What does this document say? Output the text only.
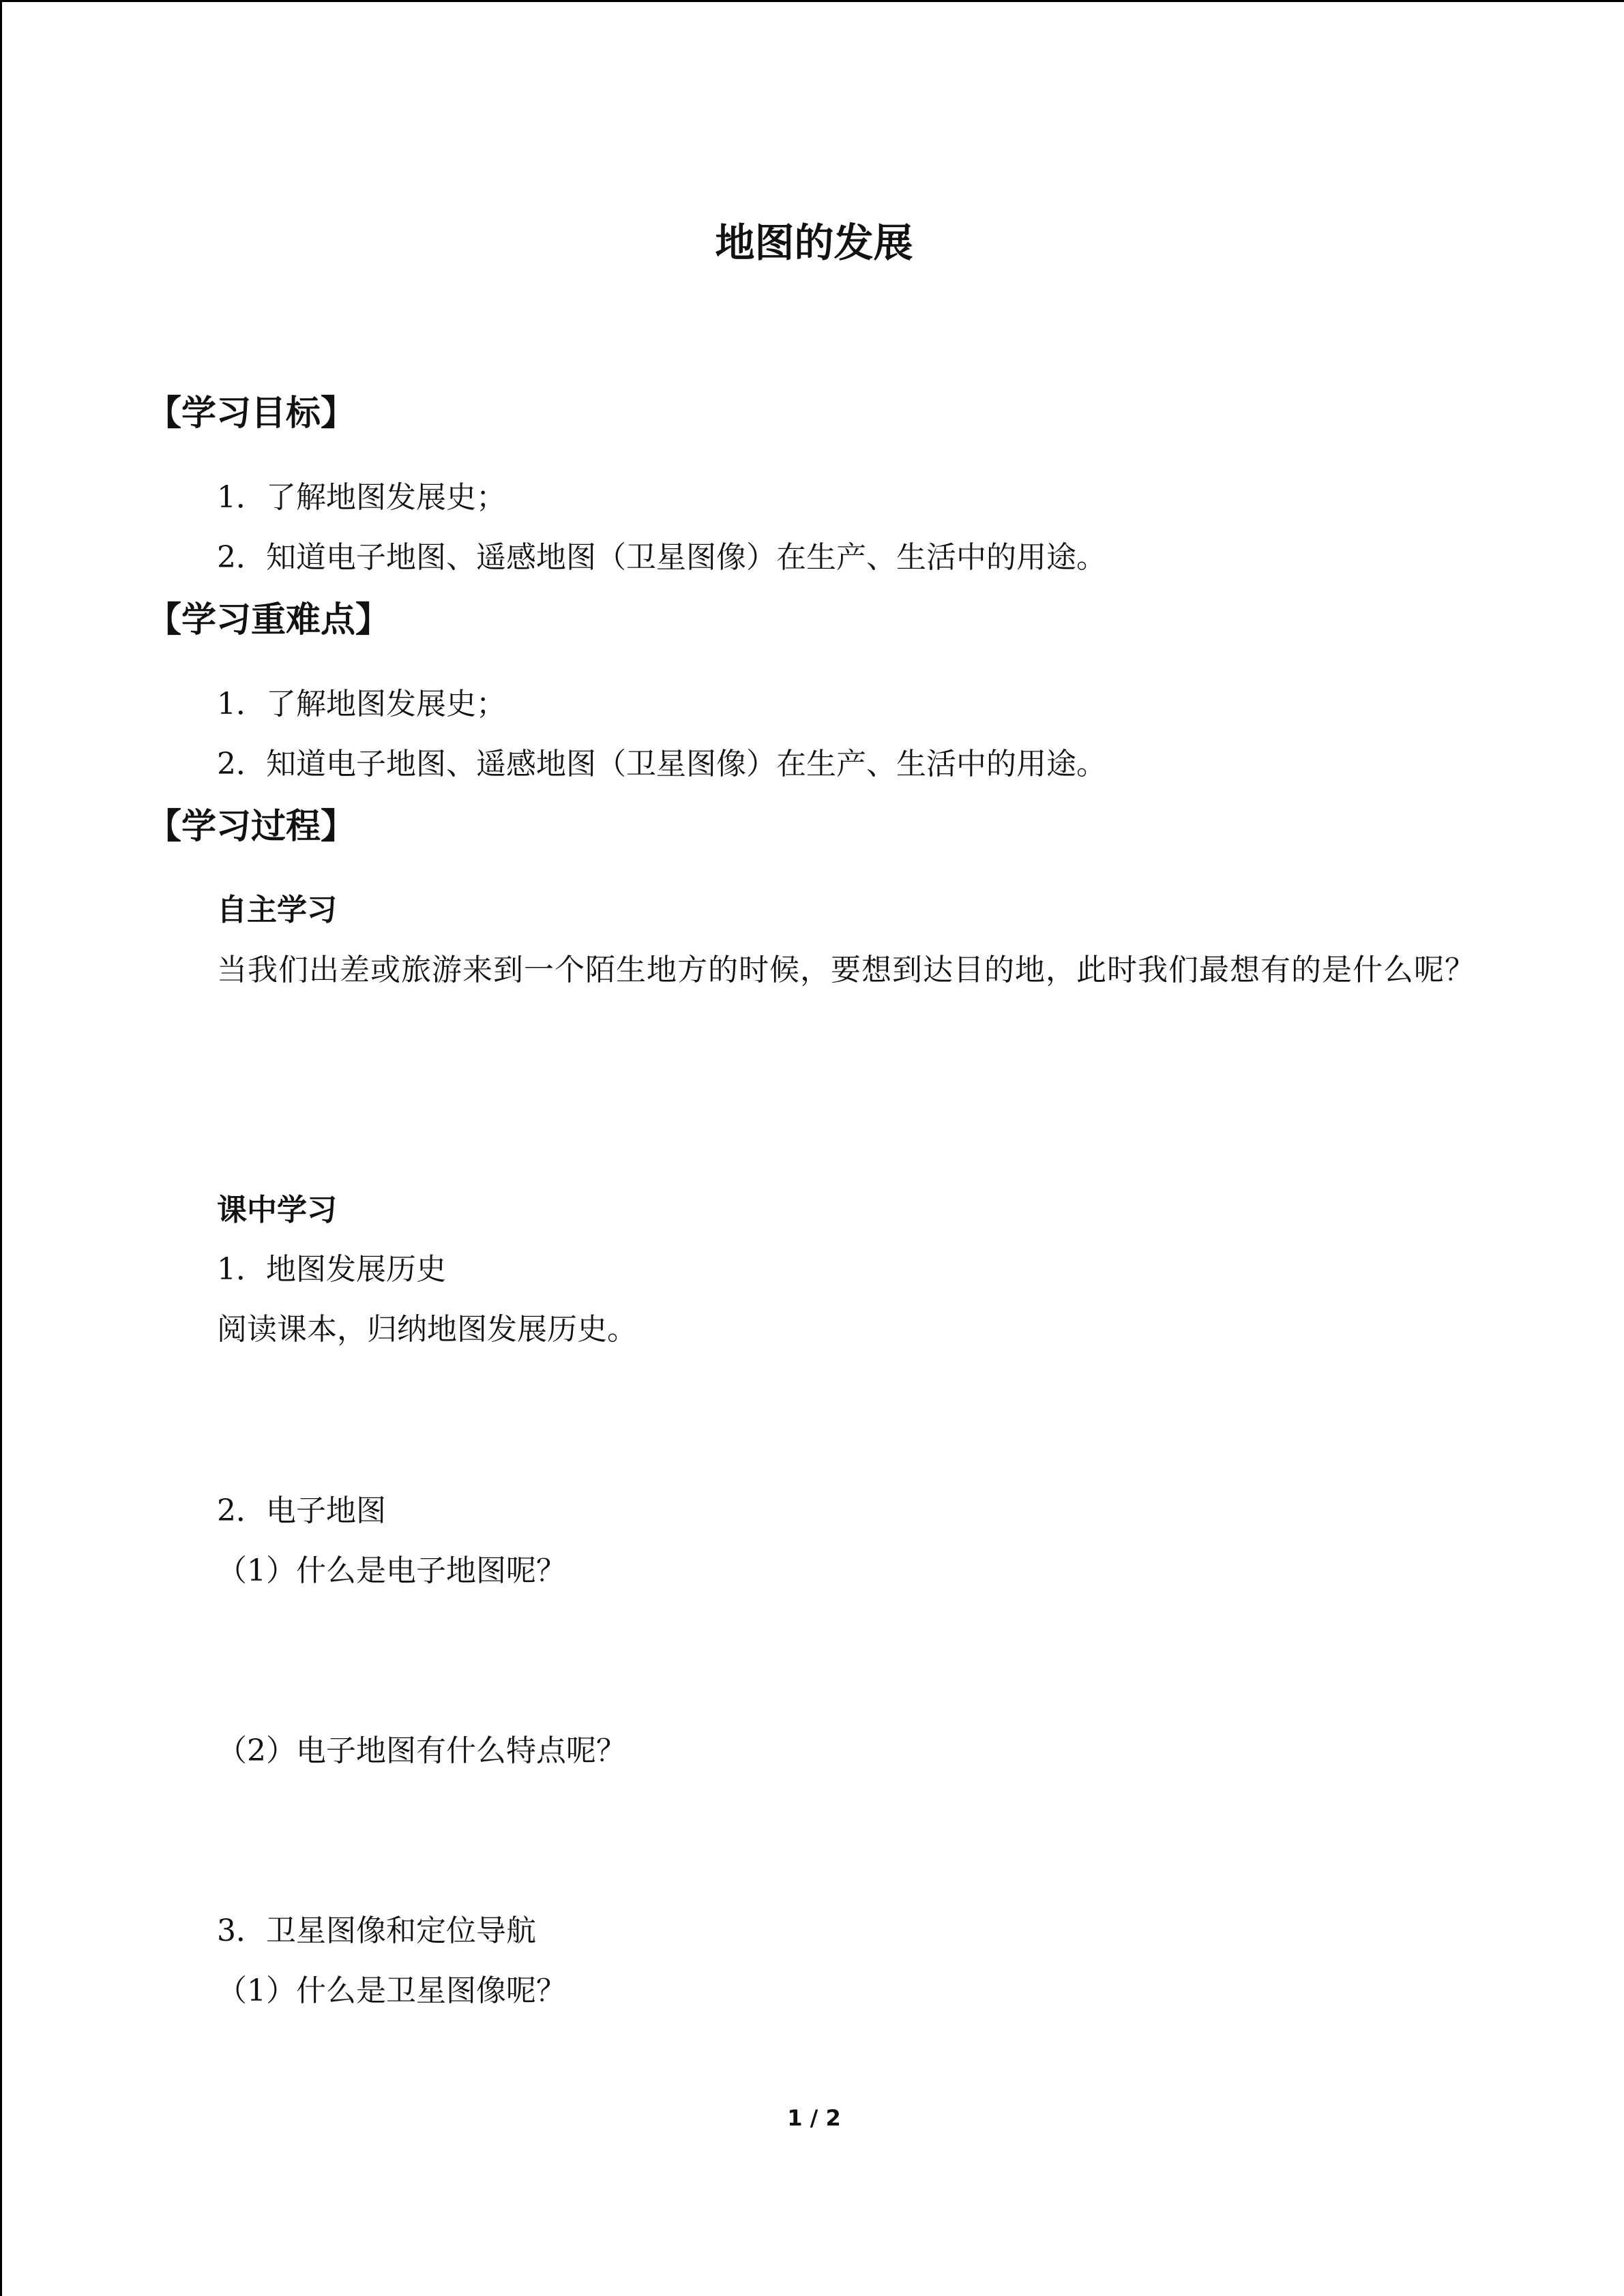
地图的发展
【学习目标】
1．了解地图发展史；
2．知道电子地图、遥感地图（卫星图像）在生产、生活中的用途。
【学习重难点】
1．了解地图发展史；
2．知道电子地图、遥感地图（卫星图像）在生产、生活中的用途。
【学习过程】
自主学习
当我们出差或旅游来到一个陌生地方的时候，要想到达目的地，此时我们最想有的是什么呢？
课中学习
1．地图发展历史
阅读课本，归纳地图发展历史。
2．电子地图
（1）什么是电子地图呢？
（2）电子地图有什么特点呢？
3．卫星图像和定位导航
（1）什么是卫星图像呢？
1 / 2
